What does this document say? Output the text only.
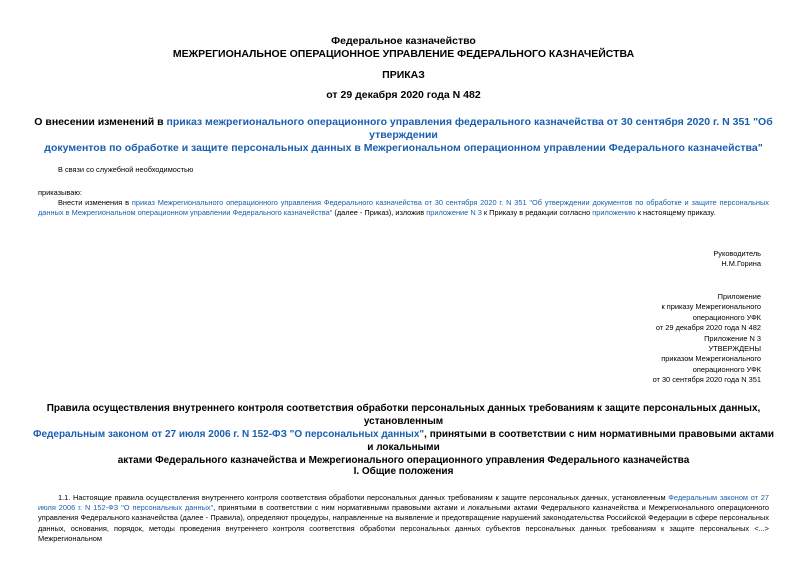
Федеральное казначейство
МЕЖРЕГИОНАЛЬНОЕ ОПЕРАЦИОННОЕ УПРАВЛЕНИЕ ФЕДЕРАЛЬНОГО КАЗНАЧЕЙСТВА
ПРИКАЗ
от 29 декабря 2020 года N 482
О внесении изменений в приказ межрегионального операционного управления федерального казначейства от 30 сентября 2020 г. N 351 "Об утверждении
документов по обработке и защите персональных данных в Межрегиональном операционном управлении Федерального казначейства"
В связи со служебной необходимостью
приказываю:
Внести изменения в приказ Межрегионального операционного управления Федерального казначейства от 30 сентября 2020 г. N 351 "Об утверждении документов по обработке и защите персональных данных в Межрегиональном операционном управлении Федерального казначейства" (далее - Приказ), изложив приложение N 3 к Приказу в редакции согласно приложению к настоящему приказу.
Руководитель
Н.М.Горина
Приложение
к приказу Межрегионального
операционного УФК
от 29 декабря 2020 года N 482
Приложение N 3
УТВЕРЖДЕНЫ
приказом Межрегионального
операционного УФК
от 30 сентября 2020 года N 351
Правила осуществления внутреннего контроля соответствия обработки персональных данных требованиям к защите персональных данных, установленным
Федеральным законом от 27 июля 2006 г. N 152-ФЗ "О персональных данных", принятыми в соответствии с ним нормативными правовыми актами и локальными
актами Федерального казначейства и Межрегионального операционного управления Федерального казначейства
I. Общие положения
1.1. Настоящие правила осуществления внутреннего контроля соответствия обработки персональных данных требованиям к защите персональных данных, установленным Федеральным законом от 27 июля 2006 г. N 152-ФЗ "О персональных данных", принятыми в соответствии с ним нормативными правовыми актами и локальными актами Федерального казначейства и Межрегионального операционного управления Федерального казначейства (далее - Правила), определяют процедуры, направленные на выявление и предотвращение нарушений законодательства Российской Федерации в сфере персональных данных, основания, порядок, методы проведения внутреннего контроля соответствия обработки персональных данных субъектов персональных данных требованиям к защите персональных <...> Межрегиональном
